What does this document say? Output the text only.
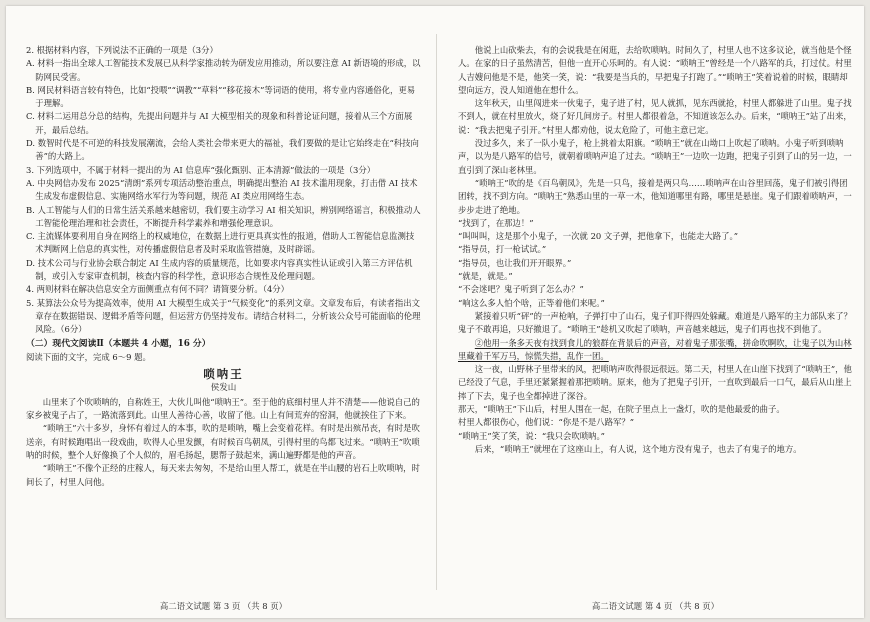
2. 根据材料内容，下列说法不正确的一项是（3分）

A. 材料一指出全球人工智能技术发展已从科学家推动转为研发应用推动，所以要注意 AI 新语境的形成，以防网民受害。

B. 网民材料语言较有特色，比如“投喂”“调教”“草料”“移花接木”等词语的使用，将专业内容通俗化，更易于理解。

C. 材料二运用总分总的结构，先提出问题并与 AI 大模型相关的现象和科普论证问题，接着从三个方面展开，最后总结。

D. 数智时代是不可逆的科技发展潮流，会给人类社会带来更大的福祉，我们要做的是让它始终走在“科技向善”的大路上。

3. 下列选项中，不属于材料一提出的为 AI 信息库“强化甄别、正本清源”做法的一项是（3分）

A. 中央网信办发布 2025“清朗”系列专项活动整治重点，明确提出整治 AI 技术滥用现象，打击借 AI 技术生成发布虚假信息、实施网络水军行为等问题，规范 AI 类应用网络生态。

B. 人工智能与人们的日常生活关系越来越密切，我们要主动学习 AI 相关知识，辨别网络谣言，积极推动人工智能伦理治理和社会责任，不断提升科学素养和增强伦理意识。

C. 主流媒体要利用自身在网络上的权威地位，在数据上进行更具真实性的报道，借助人工智能信息监测技术判断网上信息的真实性，对传播虚假信息者及时采取监管措施，及时辟谣。

D. 技术公司与行业协会联合制定 AI 生成内容的质量规范，比如要求内容真实性认证或引入第三方评估机制，或引入专家审查机制，核查内容的科学性，意识形态合规性及伦理问题。

4. 两则材料在解决信息安全方面侧重点有何不同？请简要分析。（4分）

5. 某算法公众号为提高效率，使用 AI 大模型生成关于“气候变化”的系列文章。文章发布后，有读者指出文章存在数据错误、逻辑矛盾等问题，但运营方仍坚持发布。请结合材料二，分析该公众号可能面临的伦理风险。（6分）

（二）现代文阅读Ⅱ（本题共 4 小题，16 分）

阅读下面的文字，完成 6～9 题。

唢呐王

侯发山

山里来了个吹唢呐的，自称姓王，大伙儿叫他“唢呐王”。至于他的底细村里人并不清楚——他说自己的家乡被鬼子占了，一路流落到此。山里人善待心善，收留了他。山上有间荒弃的窑洞，他就挨住了下来。

“唢呐王”六十多岁，身怀有着过人的本事，吹的是唢呐，嘴上会变着花样。有时是出殡吊丧，有时是吹送亲，有时候跑唱出一段戏曲，吹得人心里发颤，有时候百鸟朝凤，引得村里的鸟都飞过来。“唢呐王”吹唢呐的时候，整个人好像换了个人似的，眉毛扬起，腮帮子鼓起来，满山遍野都是他的声音。

“唢呐王”不像个正经的庄稼人，每天来去匆匆，不是给山里人帮工，就是在半山腰的岩石上吹唢呐，时间长了，村里人问他。

他说上山砍柴去，有的会说我是在闲逛，去给吹唢呐。时间久了，村里人也不这多议论，就当他是个怪人。在家的日子虽然清苦，但他一直开心乐呵的。有人说：“唢呐王”曾经是一个八路军的兵，打过仗。村里人吉嫂问他是不是，他笑一笑，说：“我要是当兵的，早把鬼子打跑了。”“唢呐王”笑着说着的时候，眼睛却望向远方，没人知道他在想什么。

这年秋天，山里闯进来一伙鬼子，鬼子进了村，见人就抓，见东西就抢，村里人都躲进了山里。鬼子找不到人，就在村里放火，烧了好几间房子。村里人都很着急，不知道该怎么办。后来，“唢呐王”站了出来，说：“我去把鬼子引开。”村里人都劝他，说太危险了，可他主意已定。

没过多久，来了一队小鬼子，枪上挑着太阳旗。“唢呐王”就在山坳口上吹起了唢呐。小鬼子听到唢呐声，以为是八路军的信号，就朝着唢呐声追了过去。“唢呐王”一边吹一边跑，把鬼子引到了山的另一边，一直引到了深山老林里。

“唢呐王”吹的是《百鸟朝凤》，先是一只鸟，接着是两只鸟……唢呐声在山谷里回荡，鬼子们被引得团团转，找不到方向。“唢呐王”熟悉山里的一草一木，他知道哪里有路，哪里是悬崖。鬼子们跟着唢呐声，一步步走进了绝地。

“找到了，在那边！”

“叫叫叫，这是那个小鬼子，一次就 20 文子弹，把他拿下，也能走大路了。”

“指导员，打一枪试试。”

“指导员，也让我们开开眼界。”

“就是，就是。”

“不会迷吧？鬼子听到了怎么办？”

“响这么多人怕个啥，正等着他们来呢。”

紧接着只听“砰”的一声枪响，子弹打中了山石，鬼子们吓得四处躲藏。难道是八路军的主力部队来了？鬼子不敢再追，只好撤退了。“唢呐王”趁机又吹起了唢呐，声音越来越远，鬼子们再也找不到他了。

②他用一条多天夜有找到食儿的狼群在背景后的声音，对着鬼子那张嘴，拼命吹啊吹，让鬼子以为山林里藏着千军万马，惊慌失措，乱作一团。

这一夜，山野林子里带来的风，把唢呐声吹得很远很远。第二天，村里人在山崖下找到了“唢呐王”，他已经没了气息，手里还紧紧握着那把唢呐。原来，他为了把鬼子引开，一直吹到最后一口气，最后从山崖上摔了下去，鬼子也全都掉进了深谷。

那天，“唢呐王”下山后，村里人围在一起，在院子里点上一盏灯，吹的是他最爱的曲子。

村里人都很伤心，他们说：“你是不是八路军？”

“唢呐王”笑了笑，说：“我只会吹唢呐。”

后来，“唢呐王”就埋在了这座山上，有人说，这个地方没有鬼子，也去了有鬼子的地方。

高二语文试题 第 3 页 （共 8 页）	高二语文试题 第 4 页 （共 8 页）
